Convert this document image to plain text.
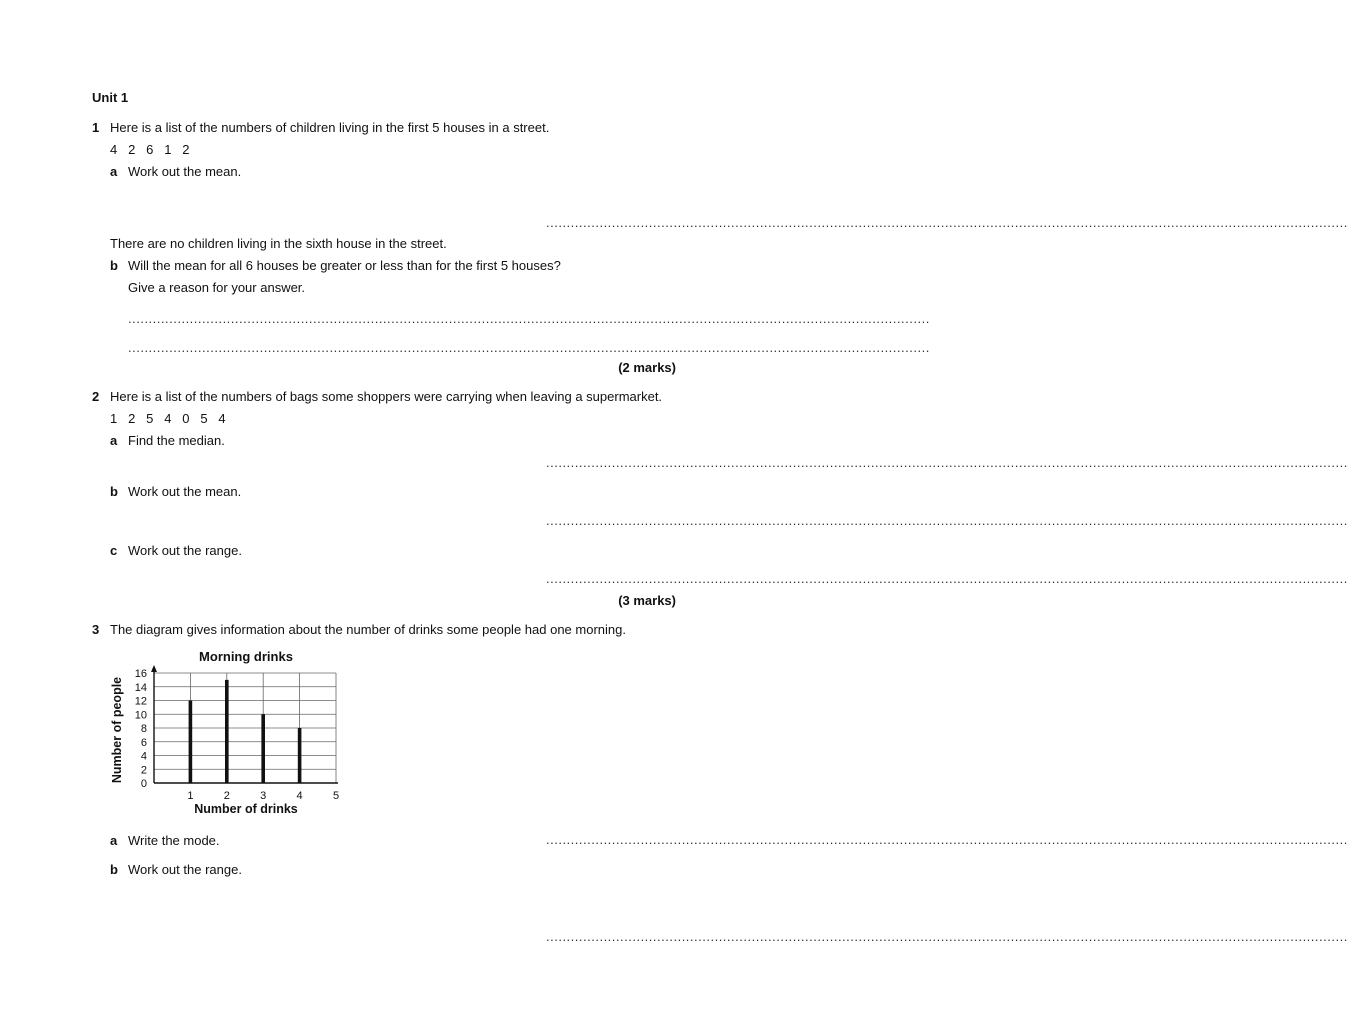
Unit 1
1 Here is a list of the numbers of children living in the first 5 houses in a street.
4   2   6   1   2
a Work out the mean.
...................................................................................................................................................................................................
There are no children living in the sixth house in the street.
b Will the mean for all 6 houses be greater or less than for the first 5 houses?
Give a reason for your answer.
...................................................................................................................................................................................................
...................................................................................................................................................................................................
(2 marks)
2 Here is a list of the numbers of bags some shoppers were carrying when leaving a supermarket.
1   2   5   4   0   5   4
a Find the median.
...................................................................................................................................................................................................
b Work out the mean.
...................................................................................................................................................................................................
c Work out the range.
...................................................................................................................................................................................................
(3 marks)
3 The diagram gives information about the number of drinks some people had one morning.
0
2
4
6
8
10
12
14
16
1	2	3	4	5
Morning drinks
Number of drinks
Number of people
a Write the mode.	...................................................................................................................................................................................................
b Work out the range.
...................................................................................................................................................................................................
